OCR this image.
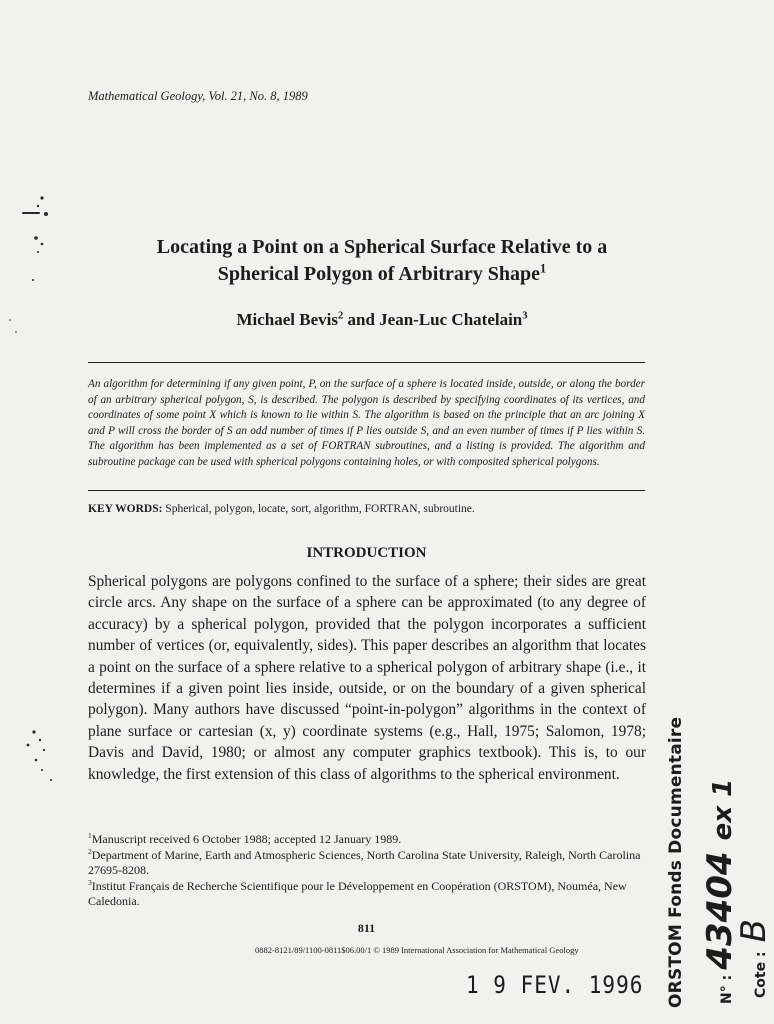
Mathematical Geology, Vol. 21, No. 8, 1989
Locating a Point on a Spherical Surface Relative to a
Spherical Polygon of Arbitrary Shape$^1$
Michael Bevis$^2$ and Jean-Luc Chatelain$^3$
An algorithm for determining if any given point, P, on the surface of a sphere is located inside, outside, or along the border of an arbitrary spherical polygon, S, is described. The polygon is described by specifying coordinates of its vertices, and coordinates of some point X which is known to lie within S. The algorithm is based on the principle that an arc joining X and P will cross the border of S an odd number of times if P lies outside S, and an even number of times if P lies within S. The algorithm has been implemented as a set of FORTRAN subroutines, and a listing is provided. The algorithm and subroutine package can be used with spherical polygons containing holes, or with composited spherical polygons.
KEY WORDS: Spherical, polygon, locate, sort, algorithm, FORTRAN, subroutine.
INTRODUCTION
Spherical polygons are polygons confined to the surface of a sphere; their sides are great circle arcs. Any shape on the surface of a sphere can be approximated (to any degree of accuracy) by a spherical polygon, provided that the polygon incorporates a sufficient number of vertices (or, equivalently, sides). This paper describes an algorithm that locates a point on the surface of a sphere relative to a spherical polygon of arbitrary shape (i.e., it determines if a given point lies inside, outside, or on the boundary of a given spherical polygon). Many authors have discussed “point-in-polygon” algorithms in the context of plane surface or cartesian (x, y) coordinate systems (e.g., Hall, 1975; Salomon, 1978; Davis and David, 1980; or almost any computer graphics textbook). This is, to our knowledge, the first extension of this class of algorithms to the spherical environment.

$^1$Manuscript received 6 October 1988; accepted 12 January 1989.

$^2$Department of Marine, Earth and Atmospheric Sciences, North Carolina State University, Raleigh, North Carolina 27695-8208.

$^3$Institut Français de Recherche Scientifique pour le Développement en Coopération (ORSTOM), Nouméa, New Caledonia.

811
0882-8121/89/1100-0811$06.00/1 © 1989 International Association for Mathematical Geology
1 9 FEV. 1996 ORSTOM Fonds Documentaire	N° : 43404 ex 1
Cote : B
